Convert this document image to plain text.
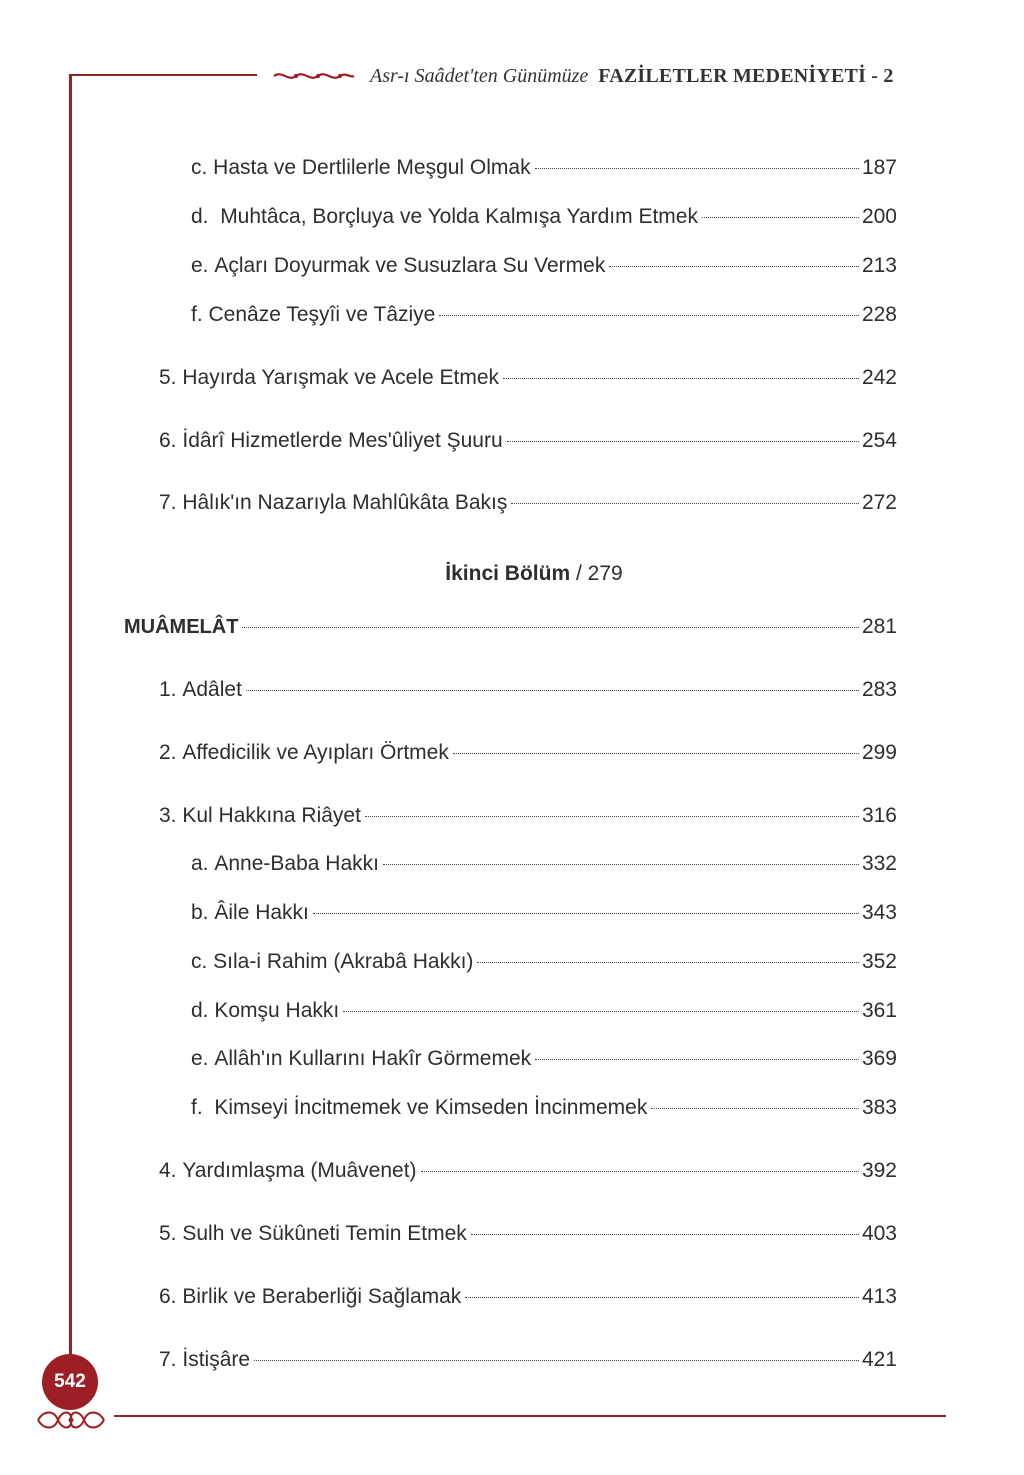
Asr-ı Saâdet'ten Günümüze FAZİLETLER MEDENİYETİ - 2
c. Hasta ve Dertlilerle Meşgul Olmak	187
d. Muhtâca, Borçluya ve Yolda Kalmışa Yardım Etmek	200
e. Açları Doyurmak ve Susuzlara Su Vermek	213
f. Cenâze Teşyîi ve Tâziye	228
5. Hayırda Yarışmak ve Acele Etmek	242
6. İdârî Hizmetlerde Mes'ûliyet Şuuru	254
7. Hâlık'ın Nazarıyla Mahlûkâta Bakış	272
İkinci Bölüm / 279
MUÂMELÂT	281
1. Adâlet	283
2. Affedicilik ve Ayıpları Örtmek	299
3. Kul Hakkına Riâyet	316
a. Anne-Baba Hakkı	332
b. Âile Hakkı	343
c. Sıla-i Rahim (Akrabâ Hakkı)	352
d. Komşu Hakkı	361
e. Allâh'ın Kullarını Hakîr Görmemek	369
f. Kimseyi İncitmemek ve Kimseden İncinmemek	383
4. Yardımlaşma (Muâvenet)	392
5. Sulh ve Sükûneti Temin Etmek	403
6. Birlik ve Beraberliği Sağlamak	413
7. İstişâre	421
542
